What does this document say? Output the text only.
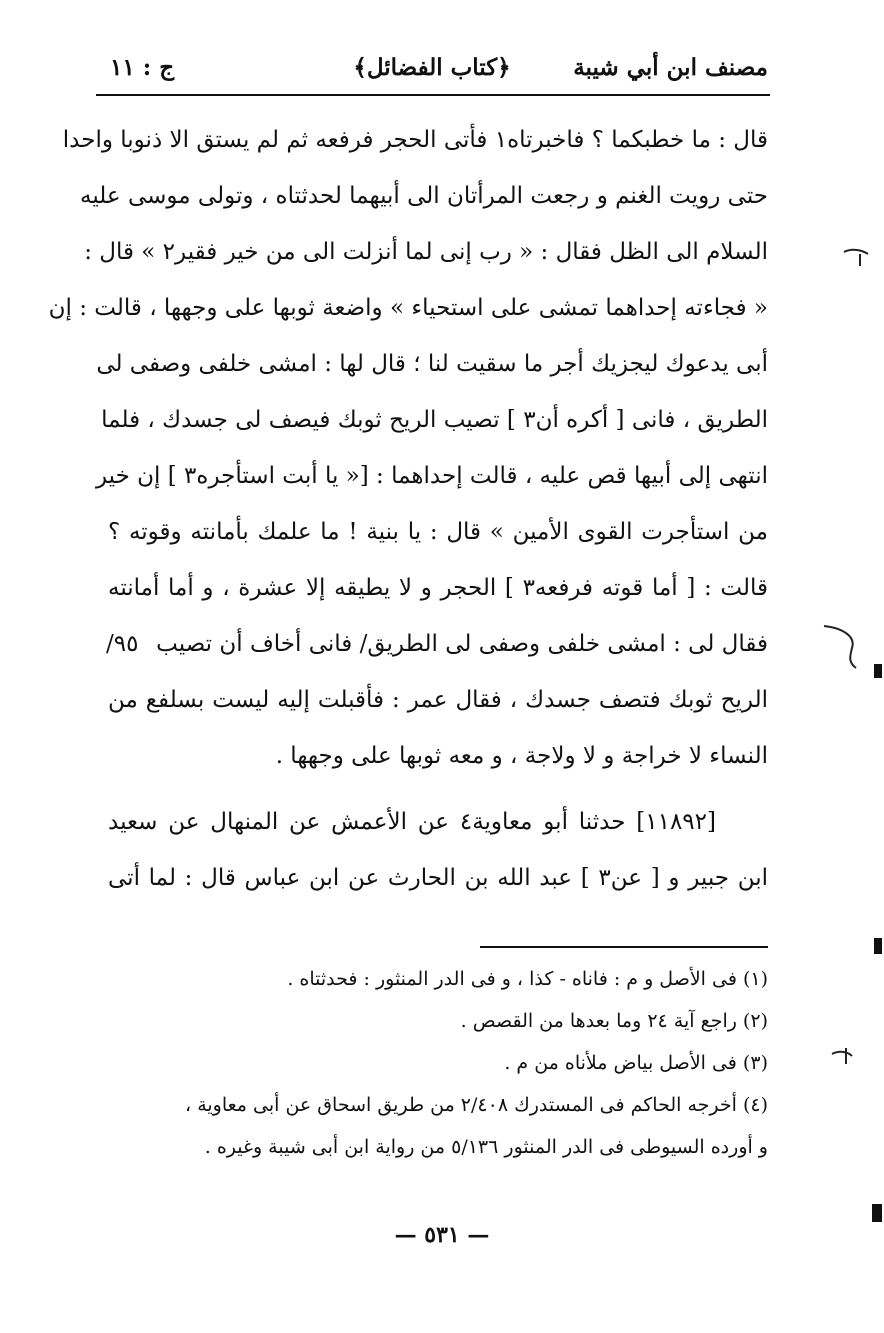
مصنف ابن أبي شيبة
﴿كتاب الفضائل﴾
ج : ١١
قال : ما خطبكما ؟ فاخبرتاه١ فأتى الحجر فرفعه ثم لم يستق الا ذنوبا واحدا
حتى رويت الغنم و رجعت المرأتان الى أبيهما لحدثتاه ، وتولى موسى عليه
السلام الى الظل فقال : « رب إنى لما أنزلت الى من خير فقير٢ » قال :
« فجاءته إحداهما تمشى على استحياء » واضعة ثوبها على وجهها ، قالت : إن
أبى يدعوك ليجزيك أجر ما سقيت لنا ؛ قال لها : امشى خلفى وصفى لى
الطريق ، فانى [ أكره أن٣ ] تصيب الريح ثوبك فيصف لى جسدك ، فلما
انتهى إلى أبيها قص عليه ، قالت إحداهما : [« يا أبت استأجره٣ ] إن خير
من استأجرت القوى الأمين » قال : يا بنية ! ما علمك بأمانته وقوته ؟
قالت : [ أما قوته فرفعه٣ ] الحجر و لا يطيقه إلا عشرة ، و أما أمانته
٩٥/ فقال لى : امشى خلفى وصفى لى الطريق/ فانى أخاف أن تصيب
الريح ثوبك فتصف جسدك ، فقال عمر : فأقبلت إليه ليست بسلفع من
النساء لا خراجة و لا ولاجة ، و معه ثوبها على وجهها .
[١١٨٩٢] حدثنا أبو معاوية٤ عن الأعمش عن المنهال عن سعيد
ابن جبير و [ عن٣ ] عبد الله بن الحارث عن ابن عباس قال : لما أتى
(١) فى الأصل و م : فاناه - كذا ، و فى الدر المنثور : فحدثتاه .
(٢) راجع آية ٢٤ وما بعدها من القصص .
(٣) فى الأصل بياض ملأناه من م .
(٤) أخرجه الحاكم فى المستدرك ٢/٤٠٨ من طريق اسحاق عن أبى معاوية ،
و أورده السيوطى فى الدر المنثور ٥/١٣٦ من رواية ابن أبى شيبة وغيره .
— ٥٣١ —
